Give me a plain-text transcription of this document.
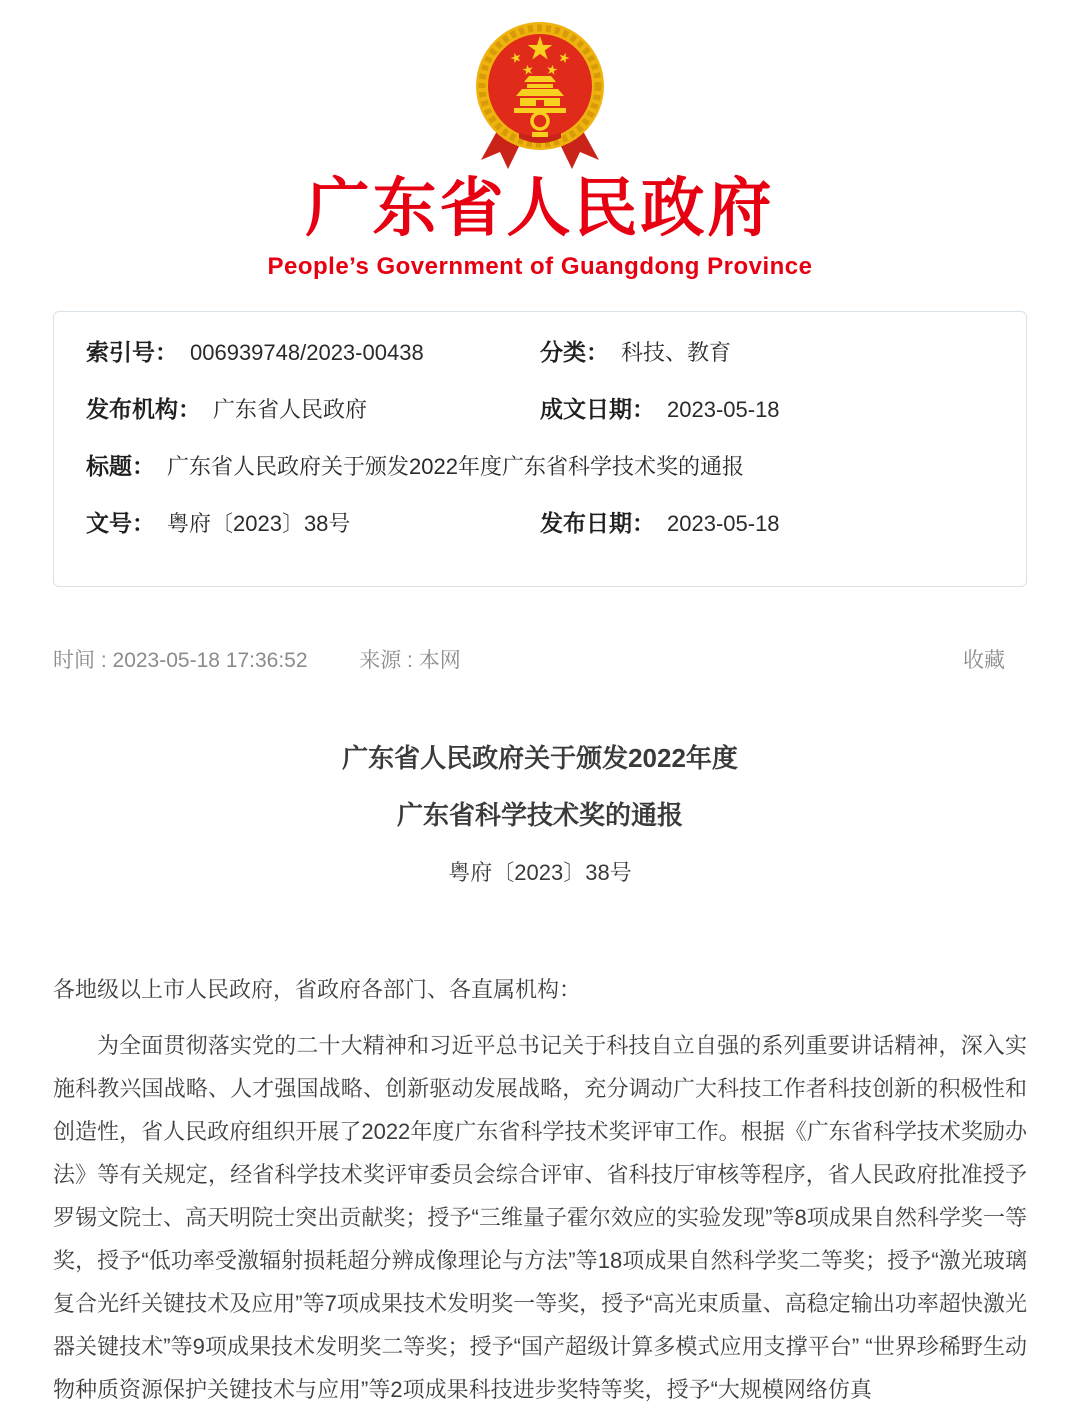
广东省人民政府
People’s Government of Guangdong Province
索引号： 006939748/2023-00438	分类： 科技、教育
发布机构： 广东省人民政府	成文日期： 2023-05-18
标题： 广东省人民政府关于颁发2022年度广东省科学技术奖的通报
文号： 粤府〔2023〕38号	发布日期： 2023-05-18
时间 : 2023-05-18 17:36:52 来源 : 本网	收藏
广东省人民政府关于颁发2022年度
广东省科学技术奖的通报
粤府〔2023〕38号

各地级以上市人民政府，省政府各部门、各直属机构：

为全面贯彻落实党的二十大精神和习近平总书记关于科技自立自强的系列重要讲话精神，深入实施科教兴国战略、人才强国战略、创新驱动发展战略，充分调动广大科技工作者科技创新的积极性和创造性，省人民政府组织开展了2022年度广东省科学技术奖评审工作。根据《广东省科学技术奖励办法》等有关规定，经省科学技术奖评审委员会综合评审、省科技厅审核等程序，省人民政府批准授予罗锡文院士、高天明院士突出贡献奖；授予“三维量子霍尔效应的实验发现”等8项成果自然科学奖一等奖，授予“低功率受激辐射损耗超分辨成像理论与方法”等18项成果自然科学奖二等奖；授予“激光玻璃复合光纤关键技术及应用”等7项成果技术发明奖一等奖，授予“高光束质量、高稳定输出功率超快激光器关键技术”等9项成果技术发明奖二等奖；授予“国产超级计算多模式应用支撑平台” “世界珍稀野生动物种质资源保护关键技术与应用”等2项成果科技进步奖特等奖，授予“大规模网络仿真
